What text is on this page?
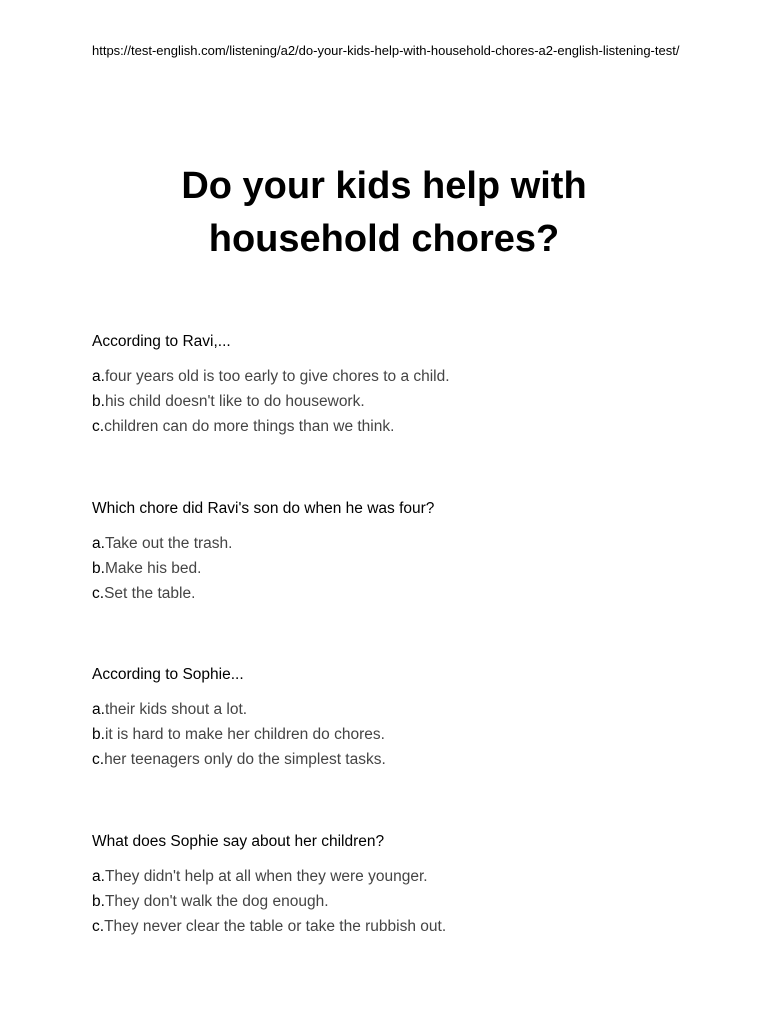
https://test-english.com/listening/a2/do-your-kids-help-with-household-chores-a2-english-listening-test/

Do your kids help with
household chores?

According to Ravi,...

a.four years old is too early to give chores to a child.
b.his child doesn't like to do housework.
c.children can do more things than we think.

Which chore did Ravi's son do when he was four?

a.Take out the trash.
b.Make his bed.
c.Set the table.

According to Sophie...

a.their kids shout a lot.
b.it is hard to make her children do chores.
c.her teenagers only do the simplest tasks.

What does Sophie say about her children?

a.They didn't help at all when they were younger.
b.They don't walk the dog enough.
c.They never clear the table or take the rubbish out.
